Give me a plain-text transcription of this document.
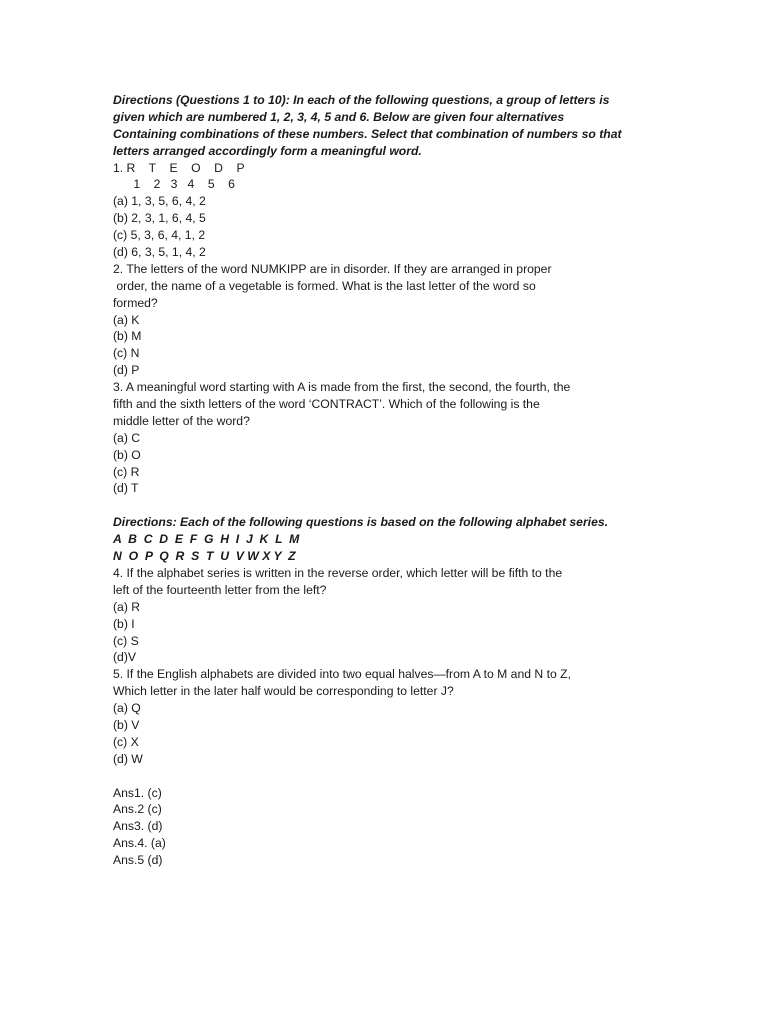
Directions (Questions 1 to 10): In each of the following questions, a group of letters is
given which are numbered 1, 2, 3, 4, 5 and 6. Below are given four alternatives
Containing combinations of these numbers. Select that combination of numbers so that
letters arranged accordingly form a meaningful word.
1. R    T    E    O    D    P
1    2   3   4    5    6
(a) 1, 3, 5, 6, 4, 2
(b) 2, 3, 1, 6, 4, 5
(c) 5, 3, 6, 4, 1, 2
(d) 6, 3, 5, 1, 4, 2
2. The letters of the word NUMKIPP are in disorder. If they are arranged in proper
order, the name of a vegetable is formed. What is the last letter of the word so
formed?
(a) K
(b) M
(c) N
(d) P
3. A meaningful word starting with A is made from the first, the second, the fourth, the
fifth and the sixth letters of the word ‘CONTRACT’. Which of the following is the
middle letter of the word?
(a) C
(b) O
(c) R
(d) T
Directions: Each of the following questions is based on the following alphabet series.
A  B  C  D  E  F  G  H  I  J  K  L  M
N  O  P  Q  R  S  T  U  V W X Y  Z
4. If the alphabet series is written in the reverse order, which letter will be fifth to the
left of the fourteenth letter from the left?
(a) R
(b) I
(c) S
(d)V
5. If the English alphabets are divided into two equal halves—from A to M and N to Z,
Which letter in the later half would be corresponding to letter J?
(a) Q
(b) V
(c) X
(d) W
Ans1. (c)
Ans.2 (c)
Ans3. (d)
Ans.4. (a)
Ans.5 (d)
